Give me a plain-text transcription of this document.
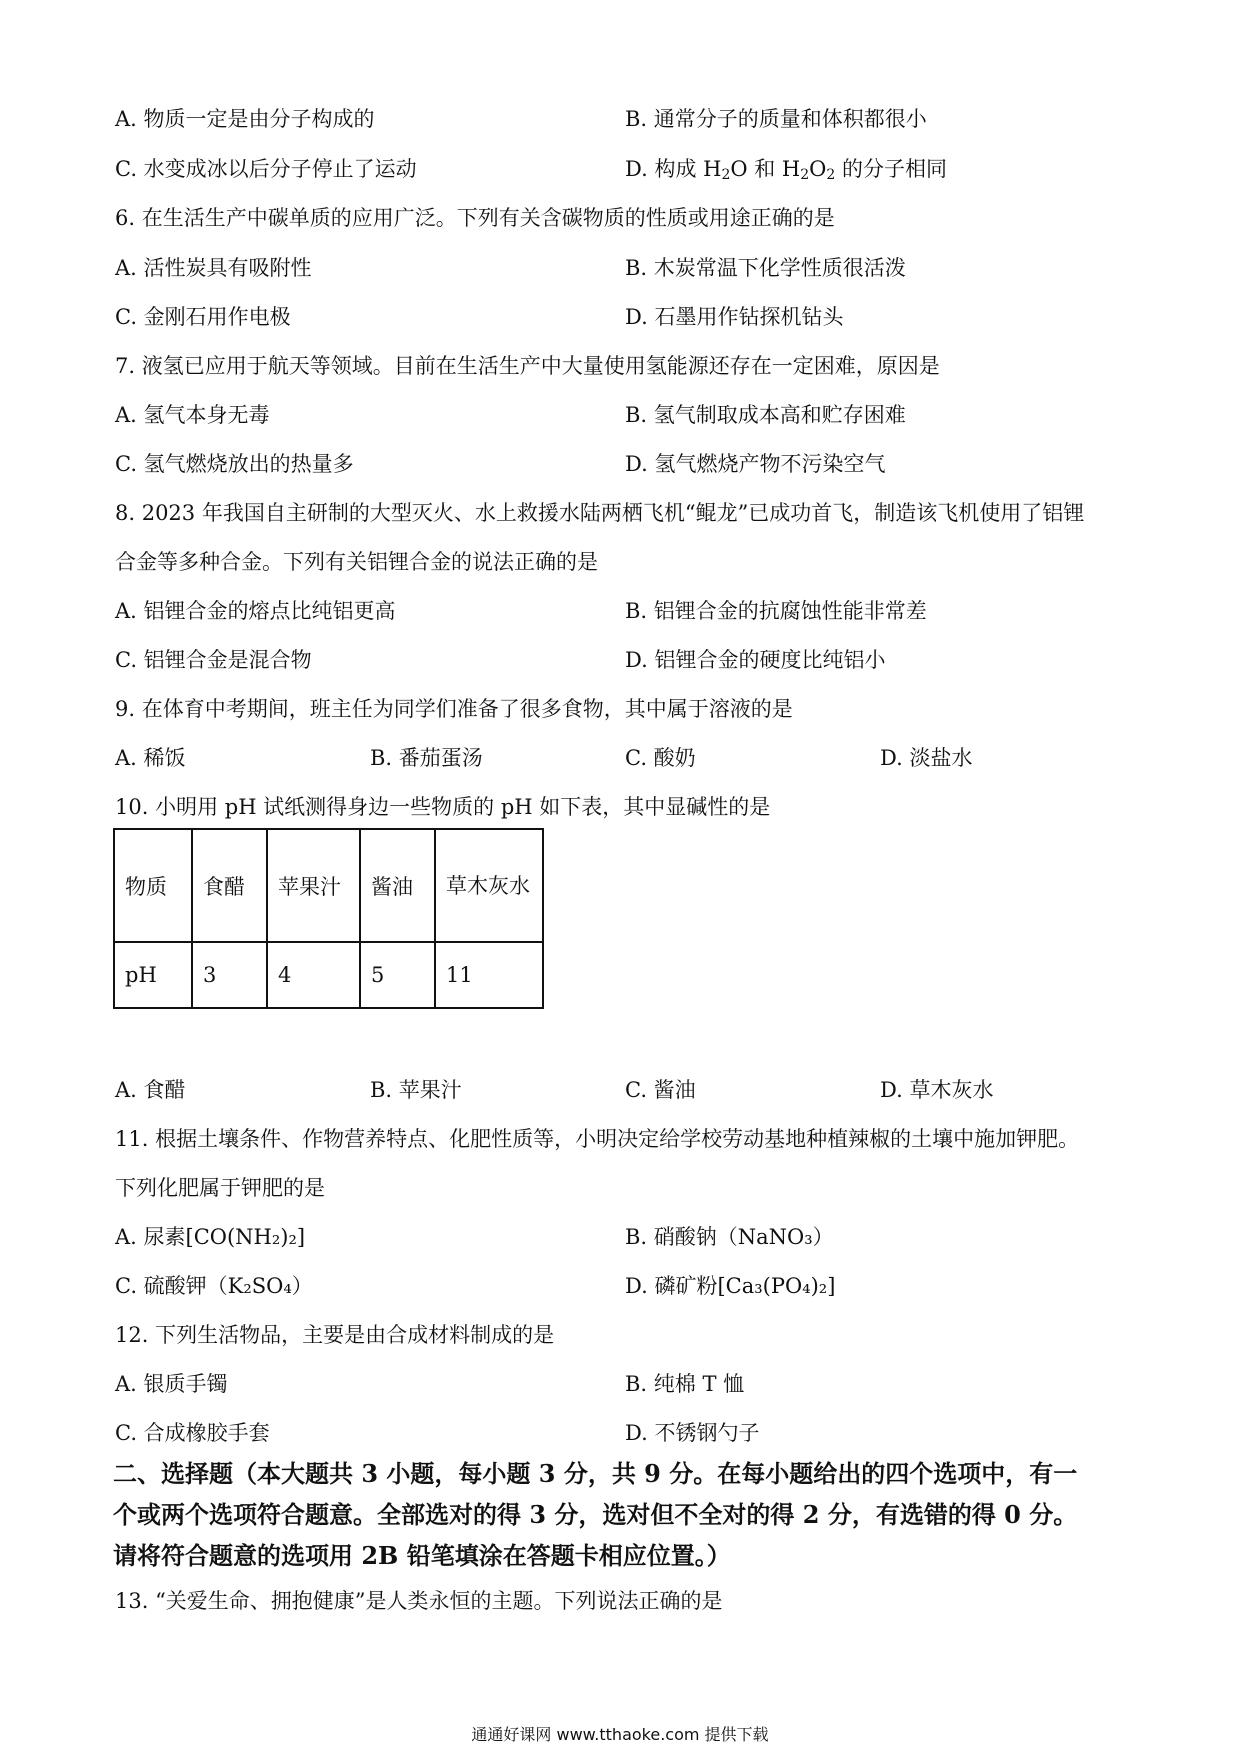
A. 物质一定是由分子构成的	B. 通常分子的质量和体积都很小
C. 水变成冰以后分子停止了运动	D. 构成 $H_2O$ 和 $H_2O_2$ 的分子相同
6. 在生活生产中碳单质的应用广泛。下列有关含碳物质的性质或用途正确的是
A. 活性炭具有吸附性	B. 木炭常温下化学性质很活泼
C. 金刚石用作电极	D. 石墨用作钻探机钻头
7. 液氢已应用于航天等领域。目前在生活生产中大量使用氢能源还存在一定困难，原因是
A. 氢气本身无毒	B. 氢气制取成本高和贮存困难
C. 氢气燃烧放出的热量多	D. 氢气燃烧产物不污染空气
8. 2023 年我国自主研制的大型灭火、水上救援水陆两栖飞机“鲲龙”已成功首飞，制造该飞机使用了铝锂
合金等多种合金。下列有关铝锂合金的说法正确的是
A. 铝锂合金的熔点比纯铝更高	B. 铝锂合金的抗腐蚀性能非常差
C. 铝锂合金是混合物	D. 铝锂合金的硬度比纯铝小
9. 在体育中考期间，班主任为同学们准备了很多食物，其中属于溶液的是
A. 稀饭	B. 番茄蛋汤	C. 酸奶	D. 淡盐水
10. 小明用 pH 试纸测得身边一些物质的 pH 如下表，其中显碱性的是
物质	食醋	苹果汁	酱油	草木灰水
pH	3	4	5	11
A. 食醋	B. 苹果汁	C. 酱油	D. 草木灰水
11. 根据土壤条件、作物营养特点、化肥性质等，小明决定给学校劳动基地种植辣椒的土壤中施加钾肥。
下列化肥属于钾肥的是
A. 尿素[CO(NH₂)₂]	B. 硝酸钠（NaNO₃）
C. 硫酸钾（K₂SO₄）	D. 磷矿粉[Ca₃(PO₄)₂]
12. 下列生活物品，主要是由合成材料制成的是
A. 银质手镯	B. 纯棉 T 恤
C. 合成橡胶手套	D. 不锈钢勺子
二、选择题（本大题共 3 小题，每小题 3 分，共 9 分。在每小题给出的四个选项中，有一
个或两个选项符合题意。全部选对的得 3 分，选对但不全对的得 2 分，有选错的得 0 分。
请将符合题意的选项用 2B 铅笔填涂在答题卡相应位置。）
13. “关爱生命、拥抱健康”是人类永恒的主题。下列说法正确的是
通通好课网 www.tthaoke.com 提供下载
